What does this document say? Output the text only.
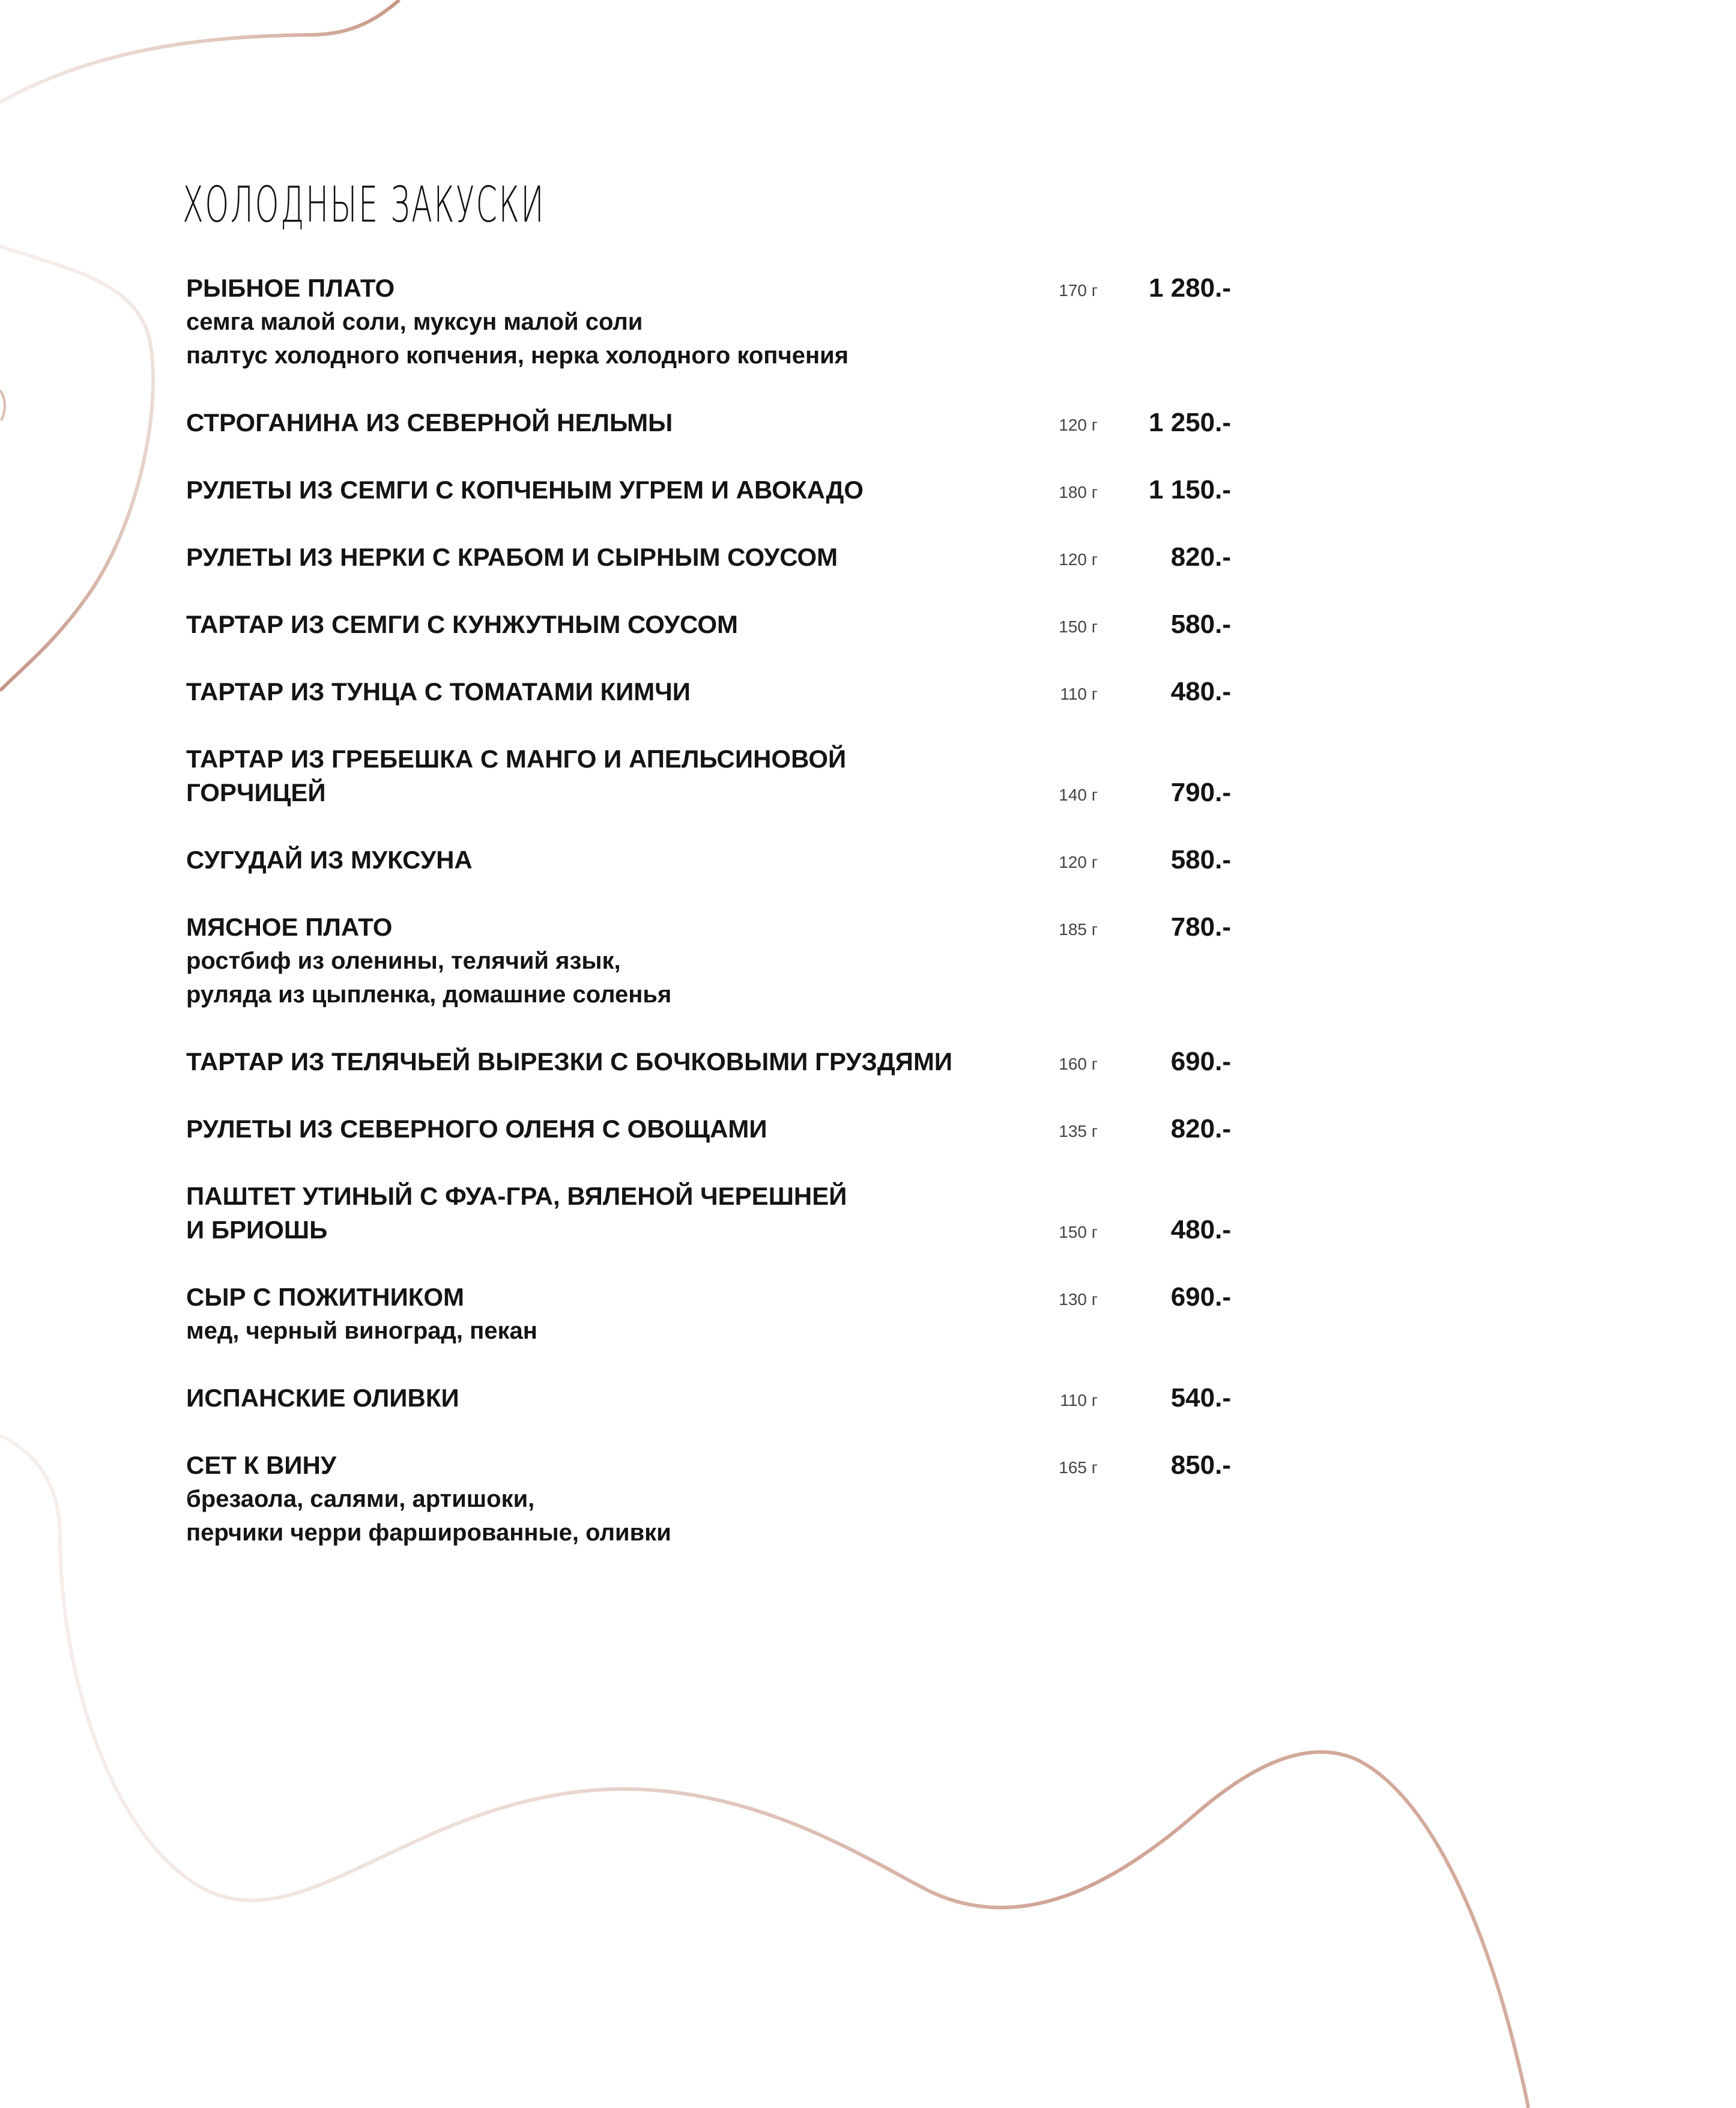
ХОЛОДНЫЕ ЗАКУСКИ
РЫБНОЕ ПЛАТО
семга малой соли, муксун малой соли
палтус холодного копчения, нерка холодного копчения
170 г 1 280.-
СТРОГАНИНА ИЗ СЕВЕРНОЙ НЕЛЬМЫ	120 г 1 250.-
РУЛЕТЫ ИЗ СЕМГИ С КОПЧЕНЫМ УГРЕМ И АВОКАДО	180 г 1 150.-
РУЛЕТЫ ИЗ НЕРКИ С КРАБОМ И СЫРНЫМ СОУСОМ	120 г	820.-
ТАРТАР ИЗ СЕМГИ С КУНЖУТНЫМ СОУСОМ	150 г	580.-
ТАРТАР ИЗ ТУНЦА С ТОМАТАМИ КИМЧИ	110 г	480.-
ТАРТАР ИЗ ГРЕБЕШКА С МАНГО И АПЕЛЬСИНОВОЙ
ГОРЧИЦЕЙ	140 г	790.-
СУГУДАЙ ИЗ МУКСУНА	120 г	580.-
МЯСНОЕ ПЛАТО
ростбиф из оленины, телячий язык,
руляда из цыпленка, домашние соленья
185 г	780.-
ТАРТАР ИЗ ТЕЛЯЧЬЕЙ ВЫРЕЗКИ С БОЧКОВЫМИ ГРУЗДЯМИ	160 г	690.-
РУЛЕТЫ ИЗ СЕВЕРНОГО ОЛЕНЯ С ОВОЩАМИ	135 г	820.-
ПАШТЕТ УТИНЫЙ С ФУА-ГРА, ВЯЛЕНОЙ ЧЕРЕШНЕЙ
И БРИОШЬ	150 г	480.-
СЫР С ПОЖИТНИКОМ
мед, черный виноград, пекан
130 г	690.-
ИСПАНСКИЕ ОЛИВКИ	110 г	540.-
СЕТ К ВИНУ
брезаола, салями, артишоки,
перчики черри фаршированные, оливки
165 г	850.-
